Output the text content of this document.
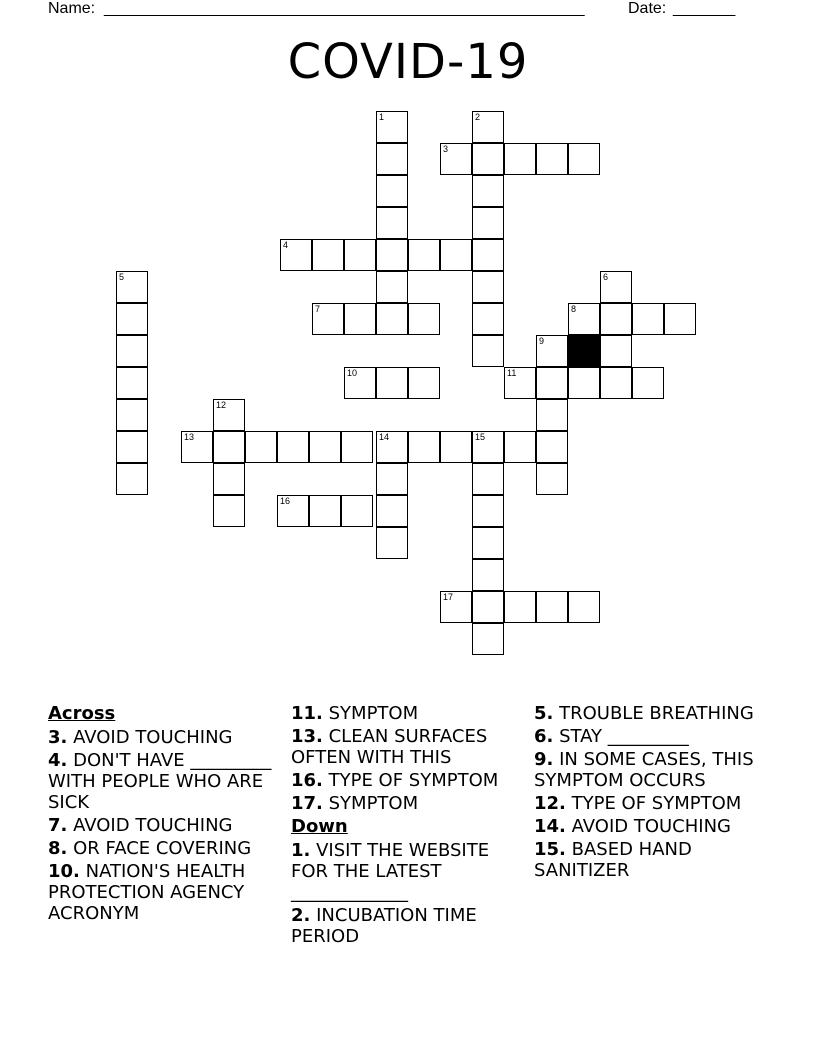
Name: ______________________________________________________	Date: _______
COVID-19
1	2
3
4
5	6
7	8
9
10	11
12
13	14	15
16
17
Across
3. AVOID TOUCHING
4. DON'T HAVE _________ WITH PEOPLE WHO ARE SICK
7. AVOID TOUCHING
8. OR FACE COVERING
10. NATION'S HEALTH PROTECTION AGENCY ACRONYM
11. SYMPTOM
13. CLEAN SURFACES OFTEN WITH THIS
16. TYPE OF SYMPTOM
17. SYMPTOM
Down
1. VISIT THE WEBSITE FOR THE LATEST _____________
2. INCUBATION TIME PERIOD
5. TROUBLE BREATHING
6. STAY _________
9. IN SOME CASES, THIS SYMPTOM OCCURS
12. TYPE OF SYMPTOM
14. AVOID TOUCHING
15. BASED HAND SANITIZER
